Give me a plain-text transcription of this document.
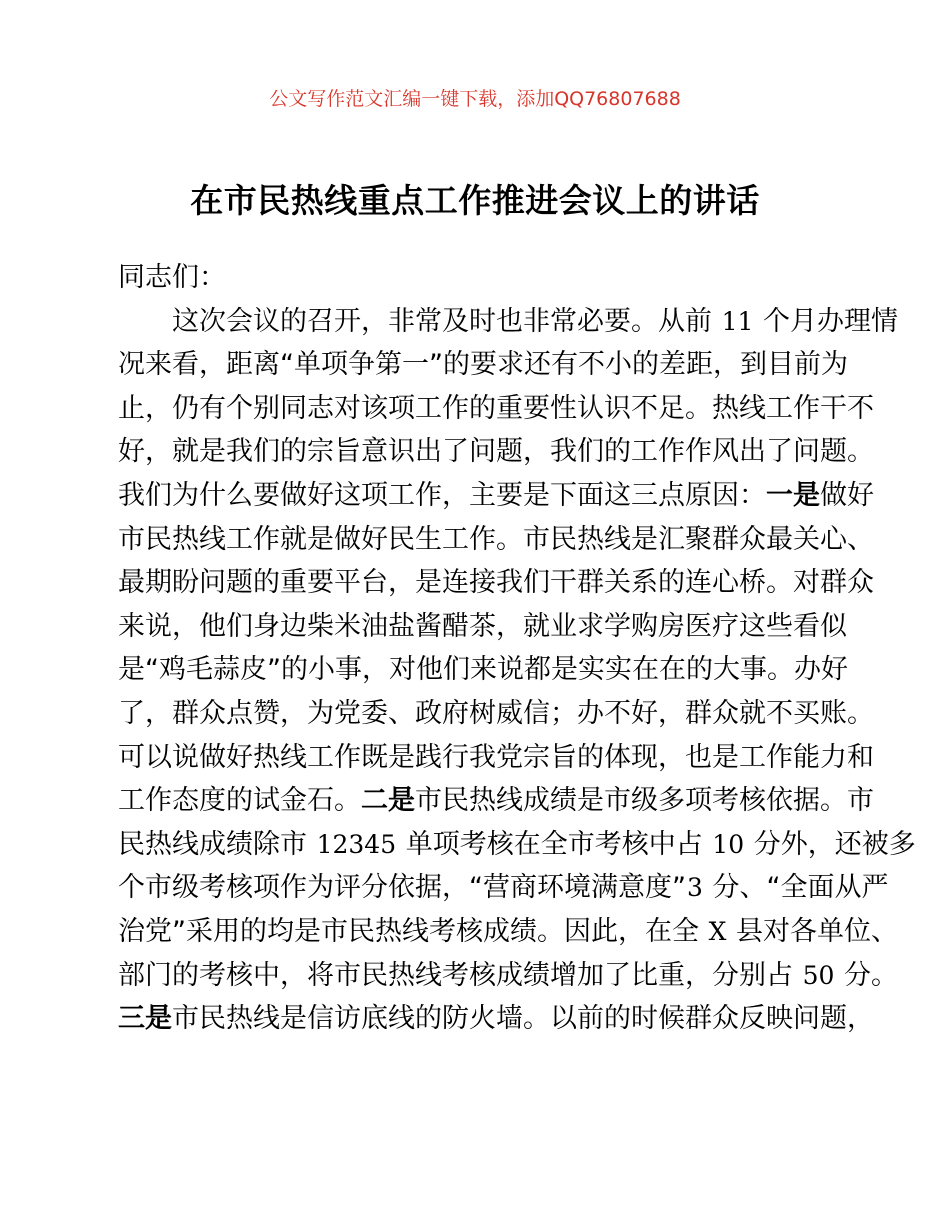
公文写作范文汇编一键下载，添加QQ76807688
在市民热线重点工作推进会议上的讲话
同志们：
　　这次会议的召开，非常及时也非常必要。从前 11 个月办理情
况来看，距离“单项争第一”的要求还有不小的差距，到目前为
止，仍有个别同志对该项工作的重要性认识不足。热线工作干不
好，就是我们的宗旨意识出了问题，我们的工作作风出了问题。
我们为什么要做好这项工作，主要是下面这三点原因：一是做好
市民热线工作就是做好民生工作。市民热线是汇聚群众最关心、
最期盼问题的重要平台，是连接我们干群关系的连心桥。对群众
来说，他们身边柴米油盐酱醋茶，就业求学购房医疗这些看似
是“鸡毛蒜皮”的小事，对他们来说都是实实在在的大事。办好
了，群众点赞，为党委、政府树威信；办不好，群众就不买账。
可以说做好热线工作既是践行我党宗旨的体现，也是工作能力和
工作态度的试金石。二是市民热线成绩是市级多项考核依据。市
民热线成绩除市 12345 单项考核在全市考核中占 10 分外，还被多
个市级考核项作为评分依据，“营商环境满意度”3 分、“全面从严
治党”采用的均是市民热线考核成绩。因此，在全 X 县对各单位、
部门的考核中，将市民热线考核成绩增加了比重，分别占 50 分。
三是市民热线是信访底线的防火墙。以前的时候群众反映问题，
